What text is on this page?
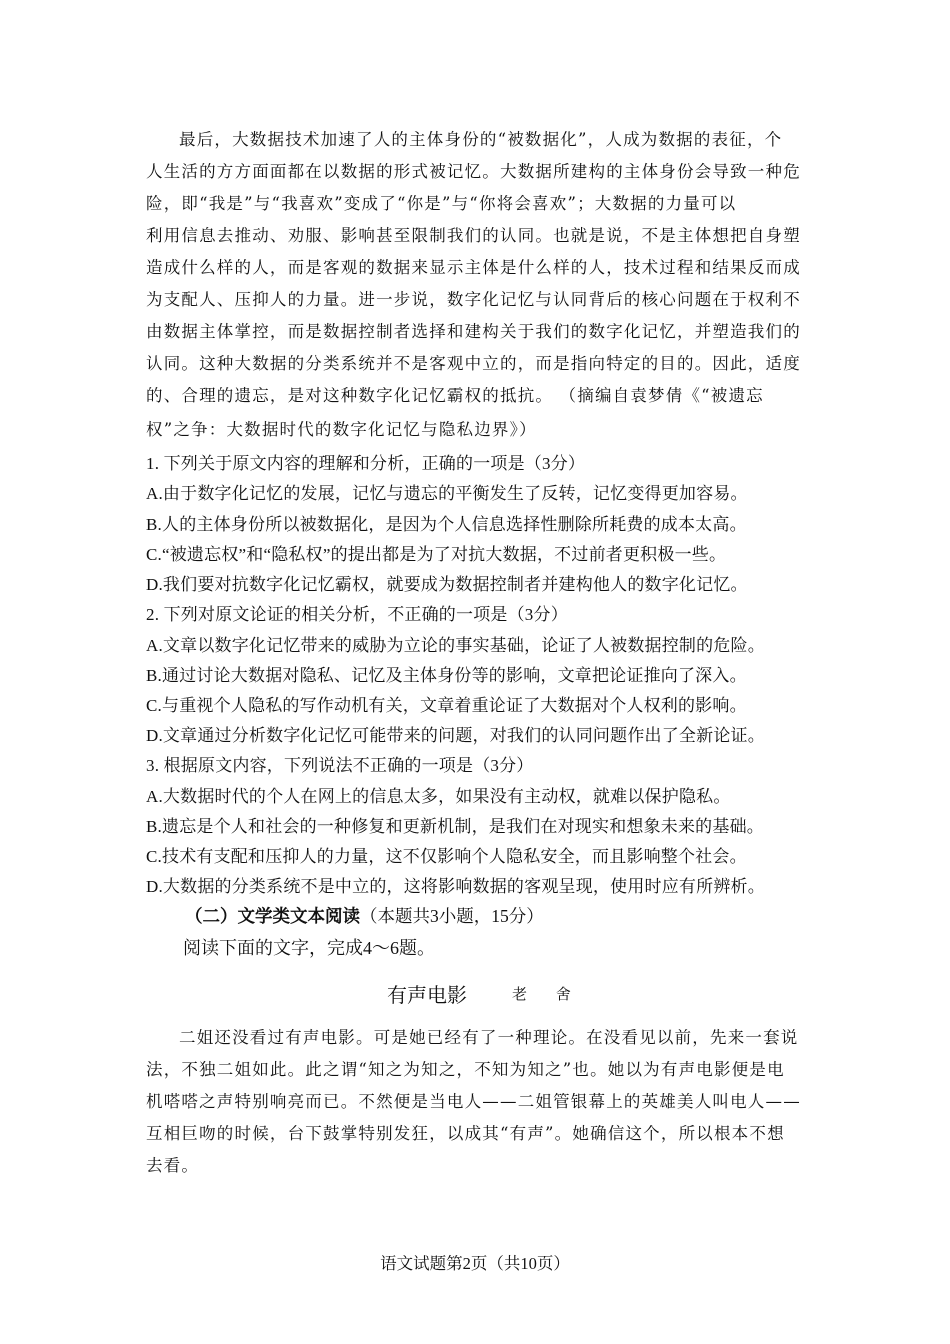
最后，大数据技术加速了人的主体身份的“被数据化”，人成为数据的表征，个
人生活的方方面面都在以数据的形式被记忆。大数据所建构的主体身份会导致一种危
险，即“我是”与“我喜欢”变成了“你是”与“你将会喜欢”；大数据的力量可以
利用信息去推动、劝服、影响甚至限制我们的认同。也就是说，不是主体想把自身塑
造成什么样的人，而是客观的数据来显示主体是什么样的人，技术过程和结果反而成
为支配人、压抑人的力量。进一步说，数字化记忆与认同背后的核心问题在于权利不
由数据主体掌控，而是数据控制者选择和建构关于我们的数字化记忆，并塑造我们的
认同。这种大数据的分类系统并不是客观中立的，而是指向特定的目的。因此，适度
的、合理的遗忘，是对这种数字化记忆霸权的抵抗。 （摘编自袁梦倩《“被遗忘
权”之争：大数据时代的数字化记忆与隐私边界》）
1. 下列关于原文内容的理解和分析，正确的一项是（3分）
A.由于数字化记忆的发展，记忆与遗忘的平衡发生了反转，记忆变得更加容易。
B.人的主体身份所以被数据化，是因为个人信息选择性删除所耗费的成本太高。
C.“被遗忘权”和“隐私权”的提出都是为了对抗大数据，不过前者更积极一些。
D.我们要对抗数字化记忆霸权，就要成为数据控制者并建构他人的数字化记忆。
2. 下列对原文论证的相关分析，不正确的一项是（3分）
A.文章以数字化记忆带来的威胁为立论的事实基础，论证了人被数据控制的危险。
B.通过讨论大数据对隐私、记忆及主体身份等的影响，文章把论证推向了深入。
C.与重视个人隐私的写作动机有关，文章着重论证了大数据对个人权利的影响。
D.文章通过分析数字化记忆可能带来的问题，对我们的认同问题作出了全新论证。
3. 根据原文内容，下列说法不正确的一项是（3分）
A.大数据时代的个人在网上的信息太多，如果没有主动权，就难以保护隐私。
B.遗忘是个人和社会的一种修复和更新机制，是我们在对现实和想象未来的基础。
C.技术有支配和压抑人的力量，这不仅影响个人隐私安全，而且影响整个社会。
D.大数据的分类系统不是中立的，这将影响数据的客观呈现，使用时应有所辨析。
（二）文学类文本阅读（本题共3小题，15分）
阅读下面的文字，完成4～6题。
有声电影	老 舍
二姐还没看过有声电影。可是她已经有了一种理论。在没看见以前，先来一套说
法，不独二姐如此。此之谓“知之为知之，不知为知之”也。她以为有声电影便是电
机嗒嗒之声特别响亮而已。不然便是当电人——二姐管银幕上的英雄美人叫电人——
互相巨吻的时候，台下鼓掌特别发狂，以成其“有声”。她确信这个，所以根本不想
去看。
语文试题第2页（共10页）
